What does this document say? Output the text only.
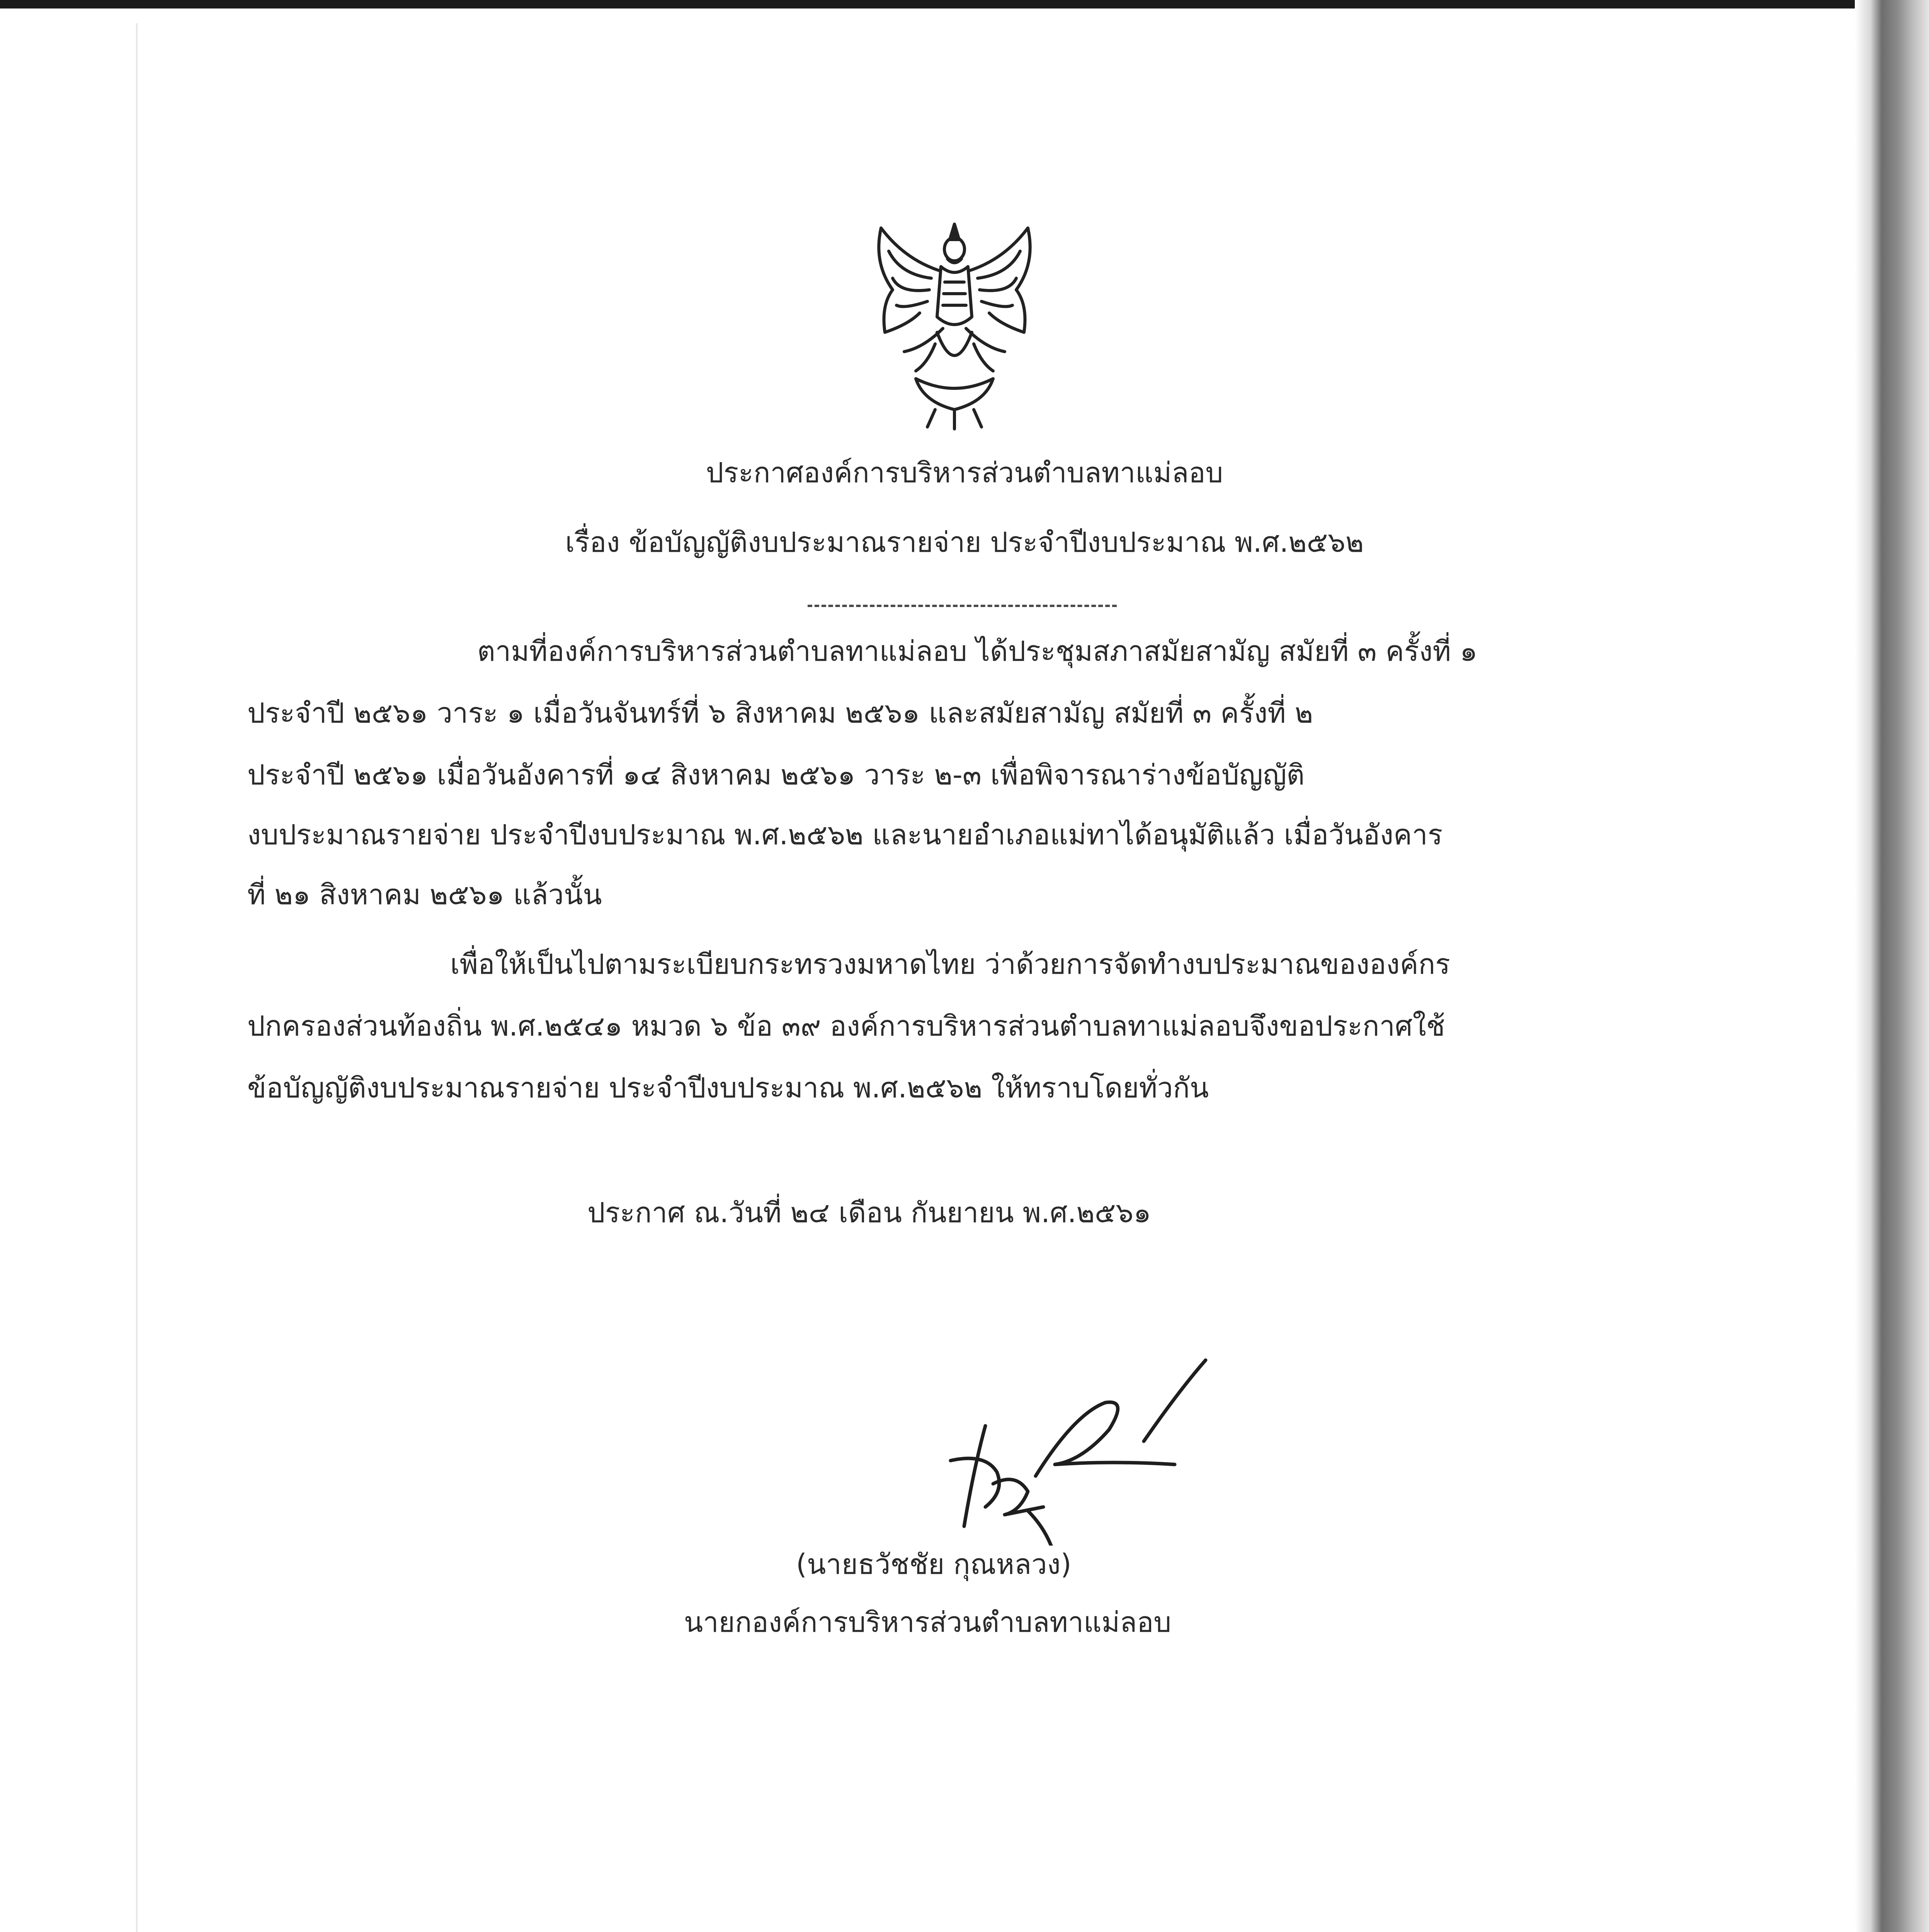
ประกาศองค์การบริหารส่วนตำบลทาแม่ลอบ
เรื่อง ข้อบัญญัติงบประมาณรายจ่าย ประจำปีงบประมาณ พ.ศ.๒๕๖๒
ตามที่องค์การบริหารส่วนตำบลทาแม่ลอบ ได้ประชุมสภาสมัยสามัญ สมัยที่ ๓ ครั้งที่ ๑
ประจำปี ๒๕๖๑ วาระ ๑ เมื่อวันจันทร์ที่ ๖ สิงหาคม ๒๕๖๑ และสมัยสามัญ สมัยที่ ๓ ครั้งที่ ๒
ประจำปี ๒๕๖๑ เมื่อวันอังคารที่ ๑๔ สิงหาคม ๒๕๖๑ วาระ ๒-๓ เพื่อพิจารณาร่างข้อบัญญัติ
งบประมาณรายจ่าย ประจำปีงบประมาณ พ.ศ.๒๕๖๒ และนายอำเภอแม่ทาได้อนุมัติแล้ว เมื่อวันอังคาร
ที่ ๒๑ สิงหาคม ๒๕๖๑ แล้วนั้น
เพื่อให้เป็นไปตามระเบียบกระทรวงมหาดไทย ว่าด้วยการจัดทำงบประมาณขององค์กร
ปกครองส่วนท้องถิ่น พ.ศ.๒๕๔๑ หมวด ๖ ข้อ ๓๙ องค์การบริหารส่วนตำบลทาแม่ลอบจึงขอประกาศใช้
ข้อบัญญัติงบประมาณรายจ่าย ประจำปีงบประมาณ พ.ศ.๒๕๖๒ ให้ทราบโดยทั่วกัน
ประกาศ ณ.วันที่ ๒๔ เดือน กันยายน พ.ศ.๒๕๖๑
(นายธวัชชัย กุณหลวง)
นายกองค์การบริหารส่วนตำบลทาแม่ลอบ
